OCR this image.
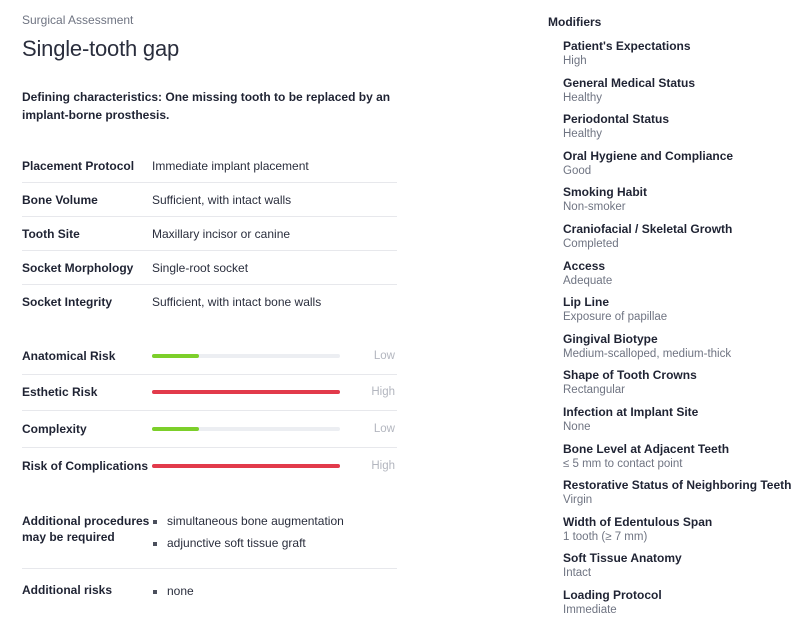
Surgical Assessment
Single-tooth gap

Defining characteristics: One missing tooth to be replaced by an implant-borne prosthesis.

Placement Protocol	Immediate implant placement
Bone Volume	Sufficient, with intact walls
Tooth Site	Maxillary incisor or canine
Socket Morphology	Single-root socket
Socket Integrity	Sufficient, with intact bone walls
Anatomical Risk	Low
Esthetic Risk	High
Complexity	Low
Risk of Complications	High
Additional procedures may be required
simultaneous bone augmentation
adjunctive soft tissue graft
Additional risks	none
Modifiers
Patient's Expectations
High
General Medical Status
Healthy
Periodontal Status
Healthy
Oral Hygiene and Compliance
Good
Smoking Habit
Non-smoker
Craniofacial / Skeletal Growth
Completed
Access
Adequate
Lip Line
Exposure of papillae
Gingival Biotype
Medium-scalloped, medium-thick
Shape of Tooth Crowns
Rectangular
Infection at Implant Site
None
Bone Level at Adjacent Teeth
≤ 5 mm to contact point
Restorative Status of Neighboring Teeth
Virgin
Width of Edentulous Span
1 tooth (≥ 7 mm)
Soft Tissue Anatomy
Intact
Loading Protocol
Immediate
